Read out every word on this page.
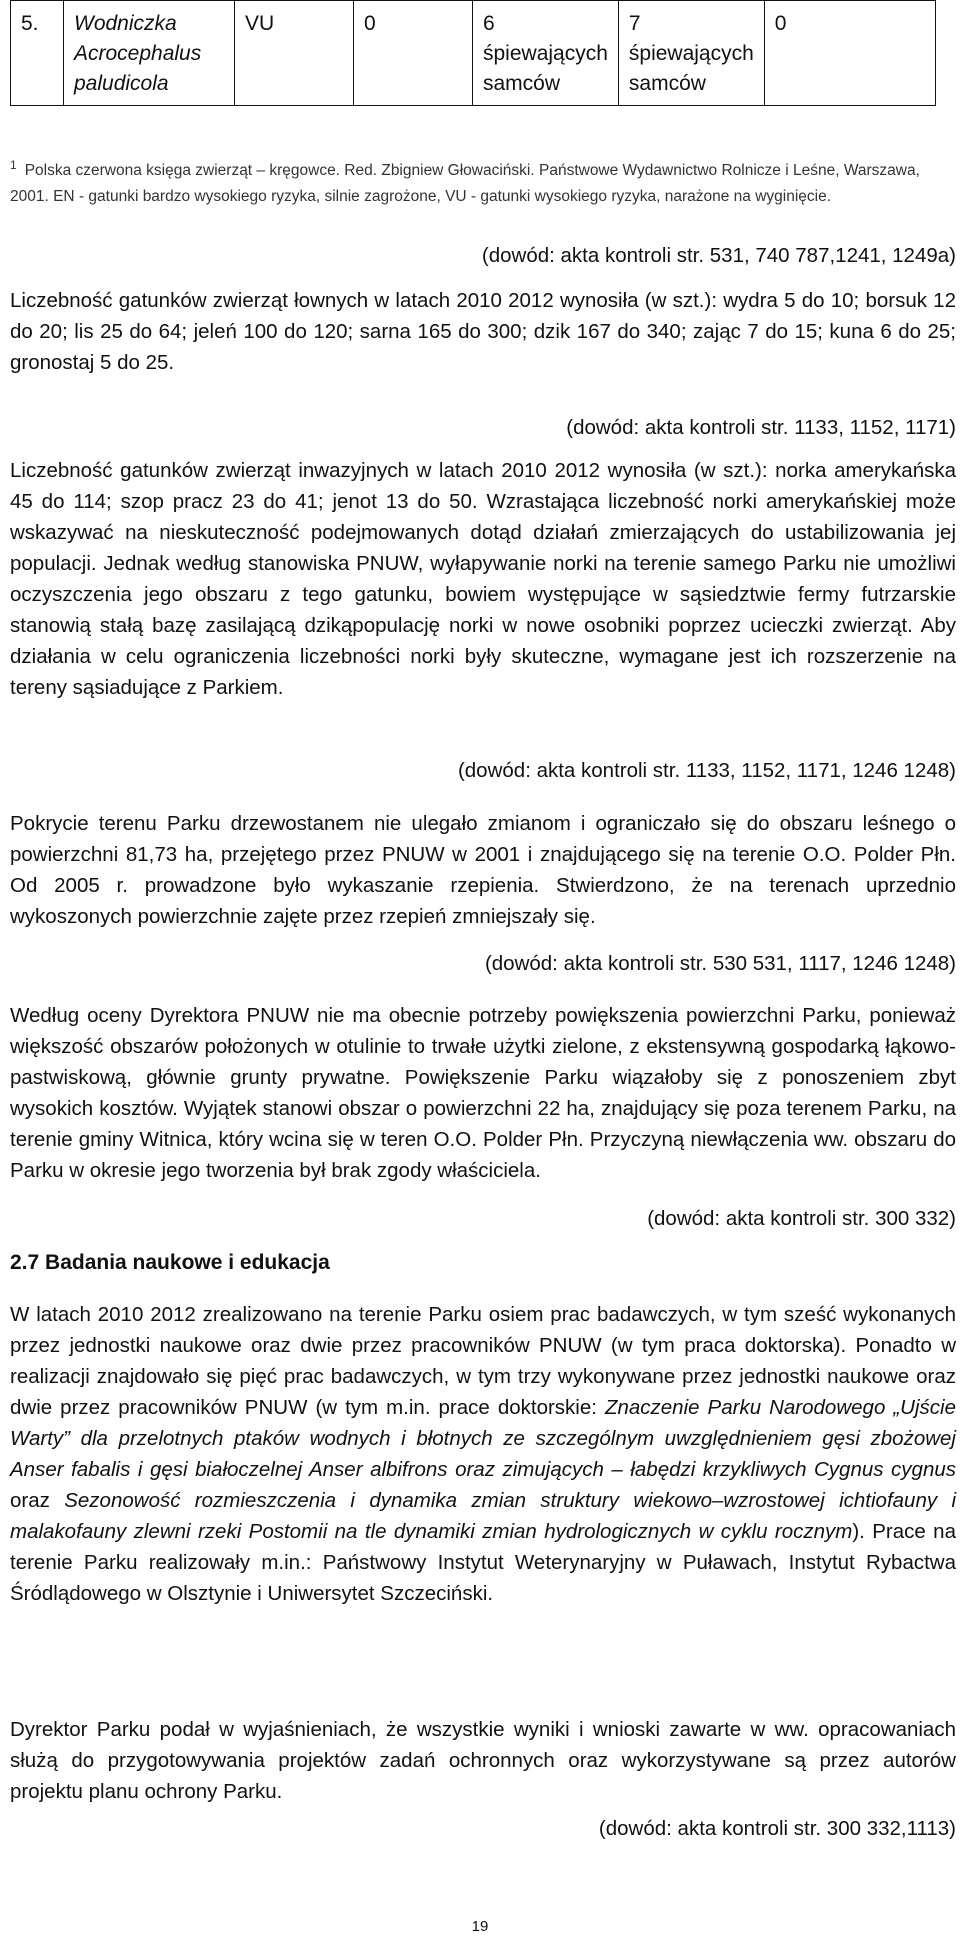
5.	Wodniczka Acrocephalus paludicola	VU	0	6 śpiewających samców	7 śpiewających samców	0
$^1$ Polska czerwona księga zwierząt – kręgowce. Red. Zbigniew Głowaciński. Państwowe Wydawnictwo Rolnicze i Leśne, Warszawa, 2001. EN - gatunki bardzo wysokiego ryzyka, silnie zagrożone, VU - gatunki wysokiego ryzyka, narażone na wyginięcie.
(dowód: akta kontroli str. 531, 740 787,1241, 1249a)
Liczebność gatunków zwierząt łownych w latach 2010 2012 wynosiła (w szt.): wydra 5 do 10; borsuk 12 do 20; lis 25 do 64; jeleń 100 do 120; sarna 165 do 300; dzik 167 do 340; zając 7 do 15; kuna 6 do 25; gronostaj 5 do 25.
(dowód: akta kontroli str. 1133, 1152, 1171)
Liczebność gatunków zwierząt inwazyjnych w latach 2010 2012 wynosiła (w szt.): norka amerykańska 45 do 114; szop pracz 23 do 41; jenot 13 do 50. Wzrastająca liczebność norki amerykańskiej może wskazywać na nieskuteczność podejmowanych dotąd działań zmierzających do ustabilizowania jej populacji. Jednak według stanowiska PNUW, wyłapywanie norki na terenie samego Parku nie umożliwi oczyszczenia jego obszaru z tego gatunku, bowiem występujące w sąsiedztwie fermy futrzarskie stanowią stałą bazę zasilającą dzikąpopulację norki w nowe osobniki poprzez ucieczki zwierząt. Aby działania w celu ograniczenia liczebności norki były skuteczne, wymagane jest ich rozszerzenie na tereny sąsiadujące z Parkiem.
(dowód: akta kontroli str. 1133, 1152, 1171, 1246 1248)
Pokrycie terenu Parku drzewostanem nie ulegało zmianom i ograniczało się do obszaru leśnego o powierzchni 81,73 ha, przejętego przez PNUW w 2001 i znajdującego się na terenie O.O. Polder Płn. Od 2005 r. prowadzone było wykaszanie rzepienia. Stwierdzono, że na terenach uprzednio wykoszonych powierzchnie zajęte przez rzepień zmniejszały się.
(dowód: akta kontroli str. 530 531, 1117, 1246 1248)
Według oceny Dyrektora PNUW nie ma obecnie potrzeby powiększenia powierzchni Parku, ponieważ większość obszarów położonych w otulinie to trwałe użytki zielone, z ekstensywną gospodarką łąkowo-pastwiskową, głównie grunty prywatne. Powiększenie Parku wiązałoby się z ponoszeniem zbyt wysokich kosztów. Wyjątek stanowi obszar o powierzchni 22 ha, znajdujący się poza terenem Parku, na terenie gminy Witnica, który wcina się w teren O.O. Polder Płn. Przyczyną niewłączenia ww. obszaru do Parku w okresie jego tworzenia był brak zgody właściciela.
(dowód: akta kontroli str. 300 332)
2.7 Badania naukowe i edukacja
W latach 2010 2012 zrealizowano na terenie Parku osiem prac badawczych, w tym sześć wykonanych przez jednostki naukowe oraz dwie przez pracowników PNUW (w tym praca doktorska). Ponadto w realizacji znajdowało się pięć prac badawczych, w tym trzy wykonywane przez jednostki naukowe oraz dwie przez pracowników PNUW (w tym m.in. prace doktorskie: Znaczenie Parku Narodowego „Ujście Warty” dla przelotnych ptaków wodnych i błotnych ze szczególnym uwzględnieniem gęsi zbożowej Anser fabalis i gęsi białoczelnej Anser albifrons oraz zimujących – łabędzi krzykliwych Cygnus cygnus oraz Sezonowość rozmieszczenia i dynamika zmian struktury wiekowo–wzrostowej ichtiofauny i malakofauny zlewni rzeki Postomii na tle dynamiki zmian hydrologicznych w cyklu rocznym). Prace na terenie Parku realizowały m.in.: Państwowy Instytut Weterynaryjny w Puławach, Instytut Rybactwa Śródlądowego w Olsztynie i Uniwersytet Szczeciński.
Dyrektor Parku podał w wyjaśnieniach, że wszystkie wyniki i wnioski zawarte w ww. opracowaniach służą do przygotowywania projektów zadań ochronnych oraz wykorzystywane są przez autorów projektu planu ochrony Parku.
(dowód: akta kontroli str. 300 332,1113)
19
